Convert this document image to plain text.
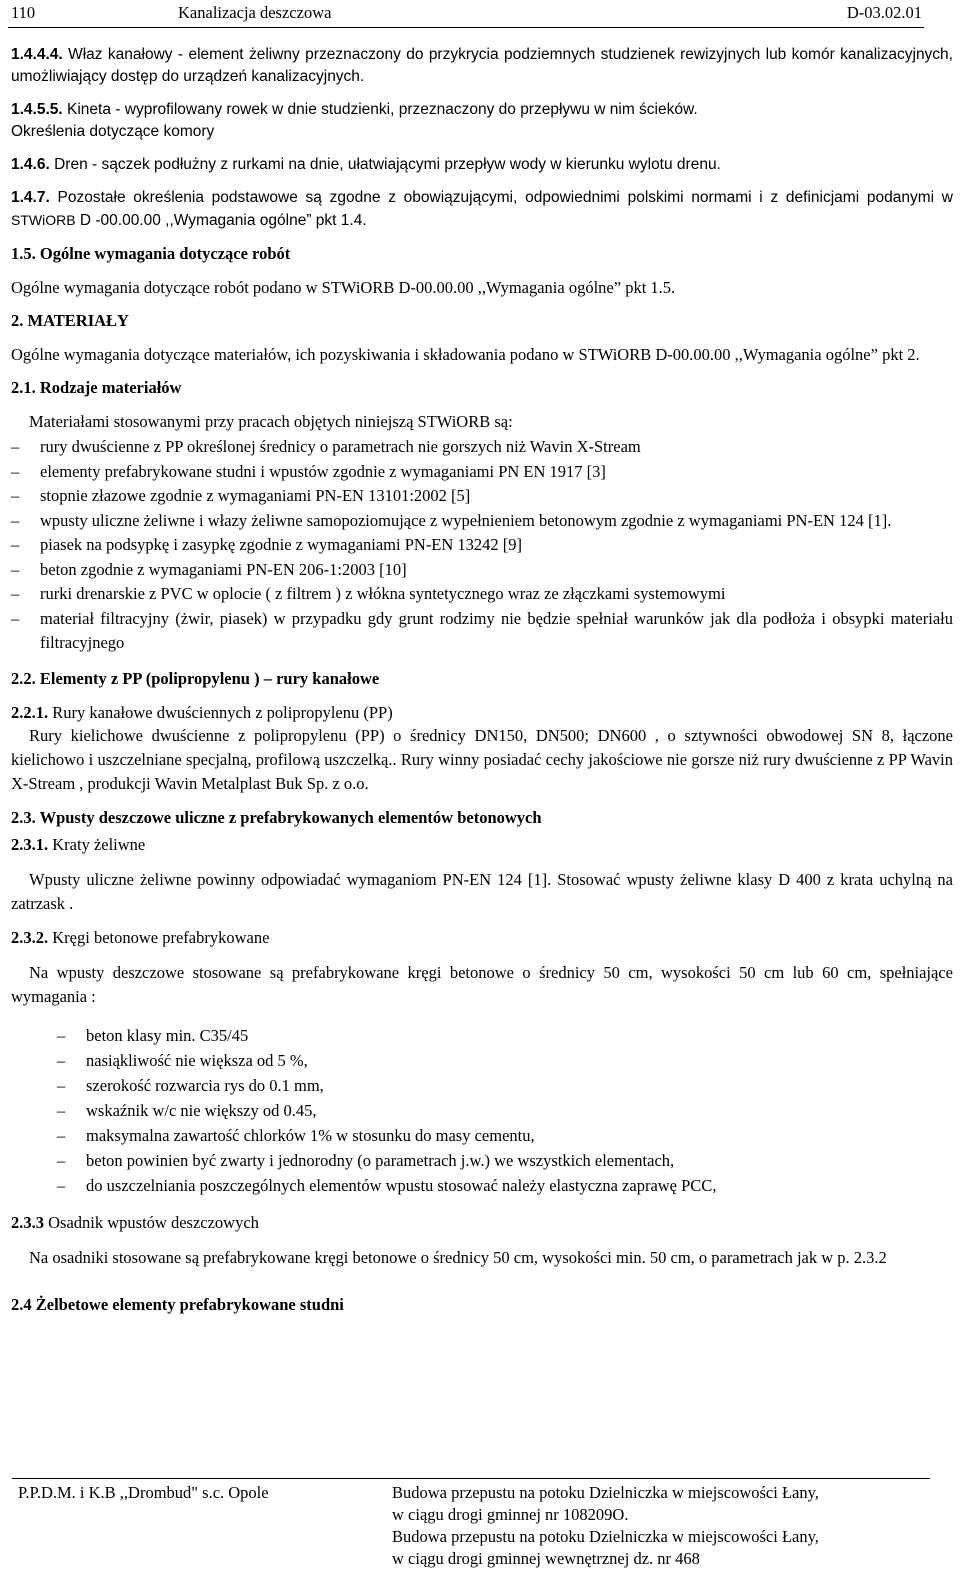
110	Kanalizacja deszczowa	D-03.02.01

1.4.4.4. Właz kanałowy - element żeliwny przeznaczony do przykrycia podziemnych studzienek rewizyjnych lub komór kanalizacyjnych, umożliwiający dostęp do urządzeń kanalizacyjnych.

1.4.5.5. Kineta - wyprofilowany rowek w dnie studzienki, przeznaczony do przepływu w nim ścieków.

Określenia dotyczące komory

1.4.6. Dren - sączek podłużny z rurkami na dnie, ułatwiającymi przepływ wody w kierunku wylotu drenu.

1.4.7. Pozostałe określenia podstawowe są zgodne z obowiązującymi, odpowiednimi polskimi normami i z definicjami podanymi w STWiORB D -00.00.00 ,,Wymagania ogólne” pkt 1.4.

1.5. Ogólne wymagania dotyczące robót

Ogólne wymagania dotyczące robót podano w STWiORB D-00.00.00 ,,Wymagania ogólne” pkt 1.5.

2. MATERIAŁY

Ogólne wymagania dotyczące materiałów, ich pozyskiwania i składowania podano w STWiORB D-00.00.00 ,,Wymagania ogólne” pkt 2.

2.1. Rodzaje materiałów

Materiałami stosowanymi przy pracach objętych niniejszą STWiORB są:

– rury dwuścienne z PP określonej średnicy o parametrach nie gorszych niż Wavin X-Stream
– elementy prefabrykowane studni i wpustów zgodnie z wymaganiami PN EN 1917 [3]
– stopnie złazowe zgodnie z wymaganiami PN-EN 13101:2002 [5]
– wpusty uliczne żeliwne i włazy żeliwne samopoziomujące z wypełnieniem betonowym zgodnie z wymaganiami PN-EN 124 [1].
– piasek na podsypkę i zasypkę zgodnie z wymaganiami PN-EN 13242 [9]
– beton zgodnie z wymaganiami PN-EN 206-1:2003 [10]
– rurki drenarskie z PVC w oplocie ( z filtrem ) z włókna syntetycznego wraz ze złączkami systemowymi
– materiał filtracyjny (żwir, piasek) w przypadku gdy grunt rodzimy nie będzie spełniał warunków jak dla podłoża i obsypki materiału filtracyjnego

2.2. Elementy z PP (polipropylenu ) – rury kanałowe

2.2.1. Rury kanałowe dwuściennych z polipropylenu (PP)

Rury kielichowe dwuścienne z polipropylenu (PP) o średnicy DN150, DN500; DN600 , o sztywności obwodowej SN 8, łączone kielichowo i uszczelniane specjalną, profilową uszczelką.. Rury winny posiadać cechy jakościowe nie gorsze niż rury dwuścienne z PP Wavin X-Stream , produkcji Wavin Metalplast Buk Sp. z o.o.

2.3. Wpusty deszczowe uliczne z prefabrykowanych elementów betonowych

2.3.1. Kraty żeliwne

Wpusty uliczne żeliwne powinny odpowiadać wymaganiom PN-EN 124 [1]. Stosować wpusty żeliwne klasy D 400 z krata uchylną na zatrzask .

2.3.2. Kręgi betonowe prefabrykowane

Na wpusty deszczowe stosowane są prefabrykowane kręgi betonowe o średnicy 50 cm, wysokości 50 cm lub 60 cm, spełniające wymagania :

– beton klasy min. C35/45
– nasiąkliwość nie większa od 5 %,
– szerokość rozwarcia rys do 0.1 mm,
– wskaźnik w/c nie większy od 0.45,
– maksymalna zawartość chlorków 1% w stosunku do masy cementu,
– beton powinien być zwarty i jednorodny (o parametrach j.w.) we wszystkich elementach,
– do uszczelniania poszczególnych elementów wpustu stosować należy elastyczna zaprawę PCC,

2.3.3 Osadnik wpustów deszczowych

Na osadniki stosowane są prefabrykowane kręgi betonowe o średnicy 50 cm, wysokości min. 50 cm, o parametrach jak w p. 2.3.2

2.4 Żelbetowe elementy prefabrykowane studni

P.P.D.M. i K.B ,,Drombud" s.c. Opole	Budowa przepustu na potoku Dzielniczka w miejscowości Łany,
w ciągu drogi gminnej nr 108209O.
Budowa przepustu na potoku Dzielniczka w miejscowości Łany,
w ciągu drogi gminnej wewnętrznej dz. nr 468
